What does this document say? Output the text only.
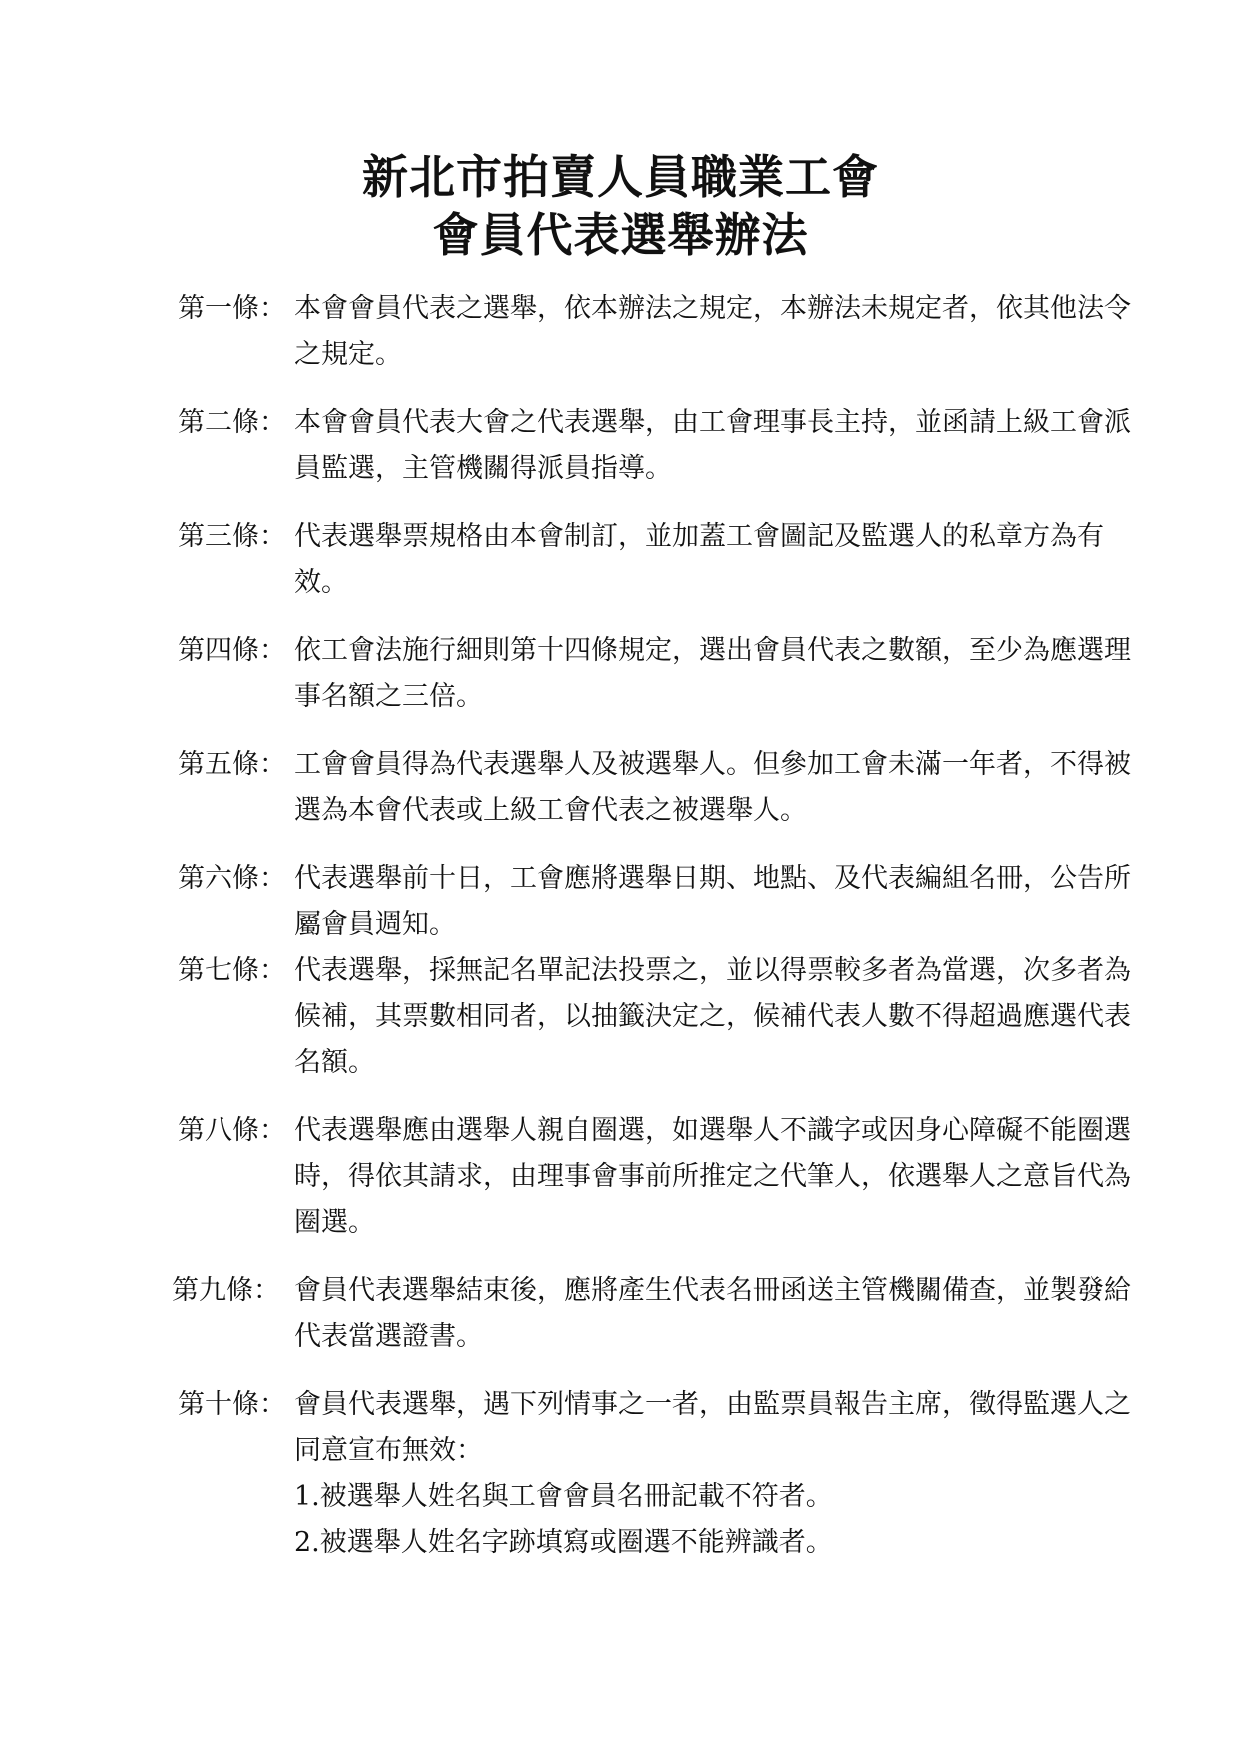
新北市拍賣人員職業工會
會員代表選舉辦法
第一條： 本會會員代表之選舉，依本辦法之規定，本辦法未規定者，依其他法令之規定。
第二條： 本會會員代表大會之代表選舉，由工會理事長主持，並函請上級工會派員監選，主管機關得派員指導。
第三條： 代表選舉票規格由本會制訂，並加蓋工會圖記及監選人的私章方為有效。
第四條： 依工會法施行細則第十四條規定，選出會員代表之數額，至少為應選理事名額之三倍。
第五條： 工會會員得為代表選舉人及被選舉人。但參加工會未滿一年者，不得被選為本會代表或上級工會代表之被選舉人。
第六條： 代表選舉前十日，工會應將選舉日期、地點、及代表編組名冊，公告所屬會員週知。
第七條： 代表選舉，採無記名單記法投票之，並以得票較多者為當選，次多者為候補，其票數相同者，以抽籤決定之，候補代表人數不得超過應選代表名額。
第八條： 代表選舉應由選舉人親自圈選，如選舉人不識字或因身心障礙不能圈選時，得依其請求，由理事會事前所推定之代筆人，依選舉人之意旨代為圈選。
第九條： 會員代表選舉結束後，應將產生代表名冊函送主管機關備查，並製發給代表當選證書。
第十條： 會員代表選舉，遇下列情事之一者，由監票員報告主席，徵得監選人之同意宣布無效：
1.被選舉人姓名與工會會員名冊記載不符者。
2.被選舉人姓名字跡填寫或圈選不能辨識者。
